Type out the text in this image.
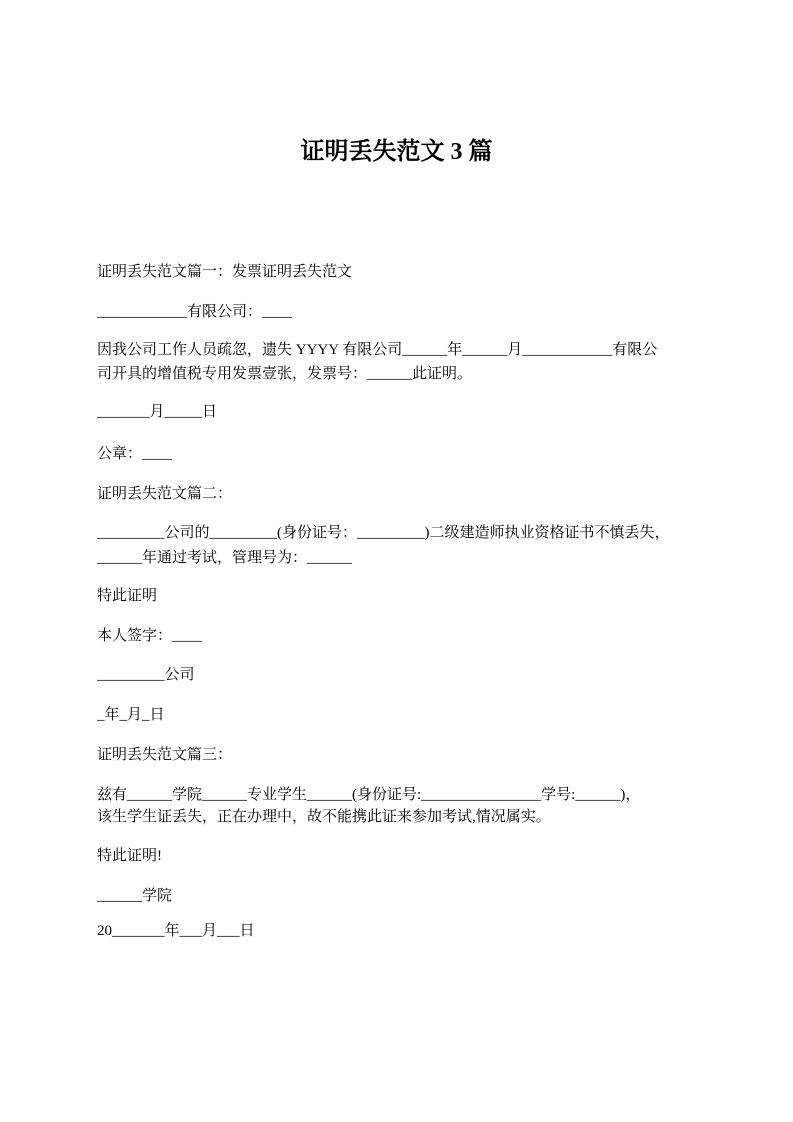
证明丢失范文 3 篇
证明丢失范文篇一：发票证明丢失范文
____________有限公司：____
因我公司工作人员疏忽，遗失 YYYY 有限公司______年______月____________有限公
司开具的增值税专用发票壹张，发票号：______此证明。
_______月_____日
公章：____
证明丢失范文篇二：
_________公司的_________(身份证号：_________)二级建造师执业资格证书不慎丢失，
______年通过考试，管理号为：______
特此证明
本人签字：____
_________公司
_年_月_日
证明丢失范文篇三：
兹有______学院______专业学生______(身份证号:________________学号:______)，
该生学生证丢失，正在办理中，故不能携此证来参加考试,情况属实。
特此证明!
______学院
20_______年___月___日
